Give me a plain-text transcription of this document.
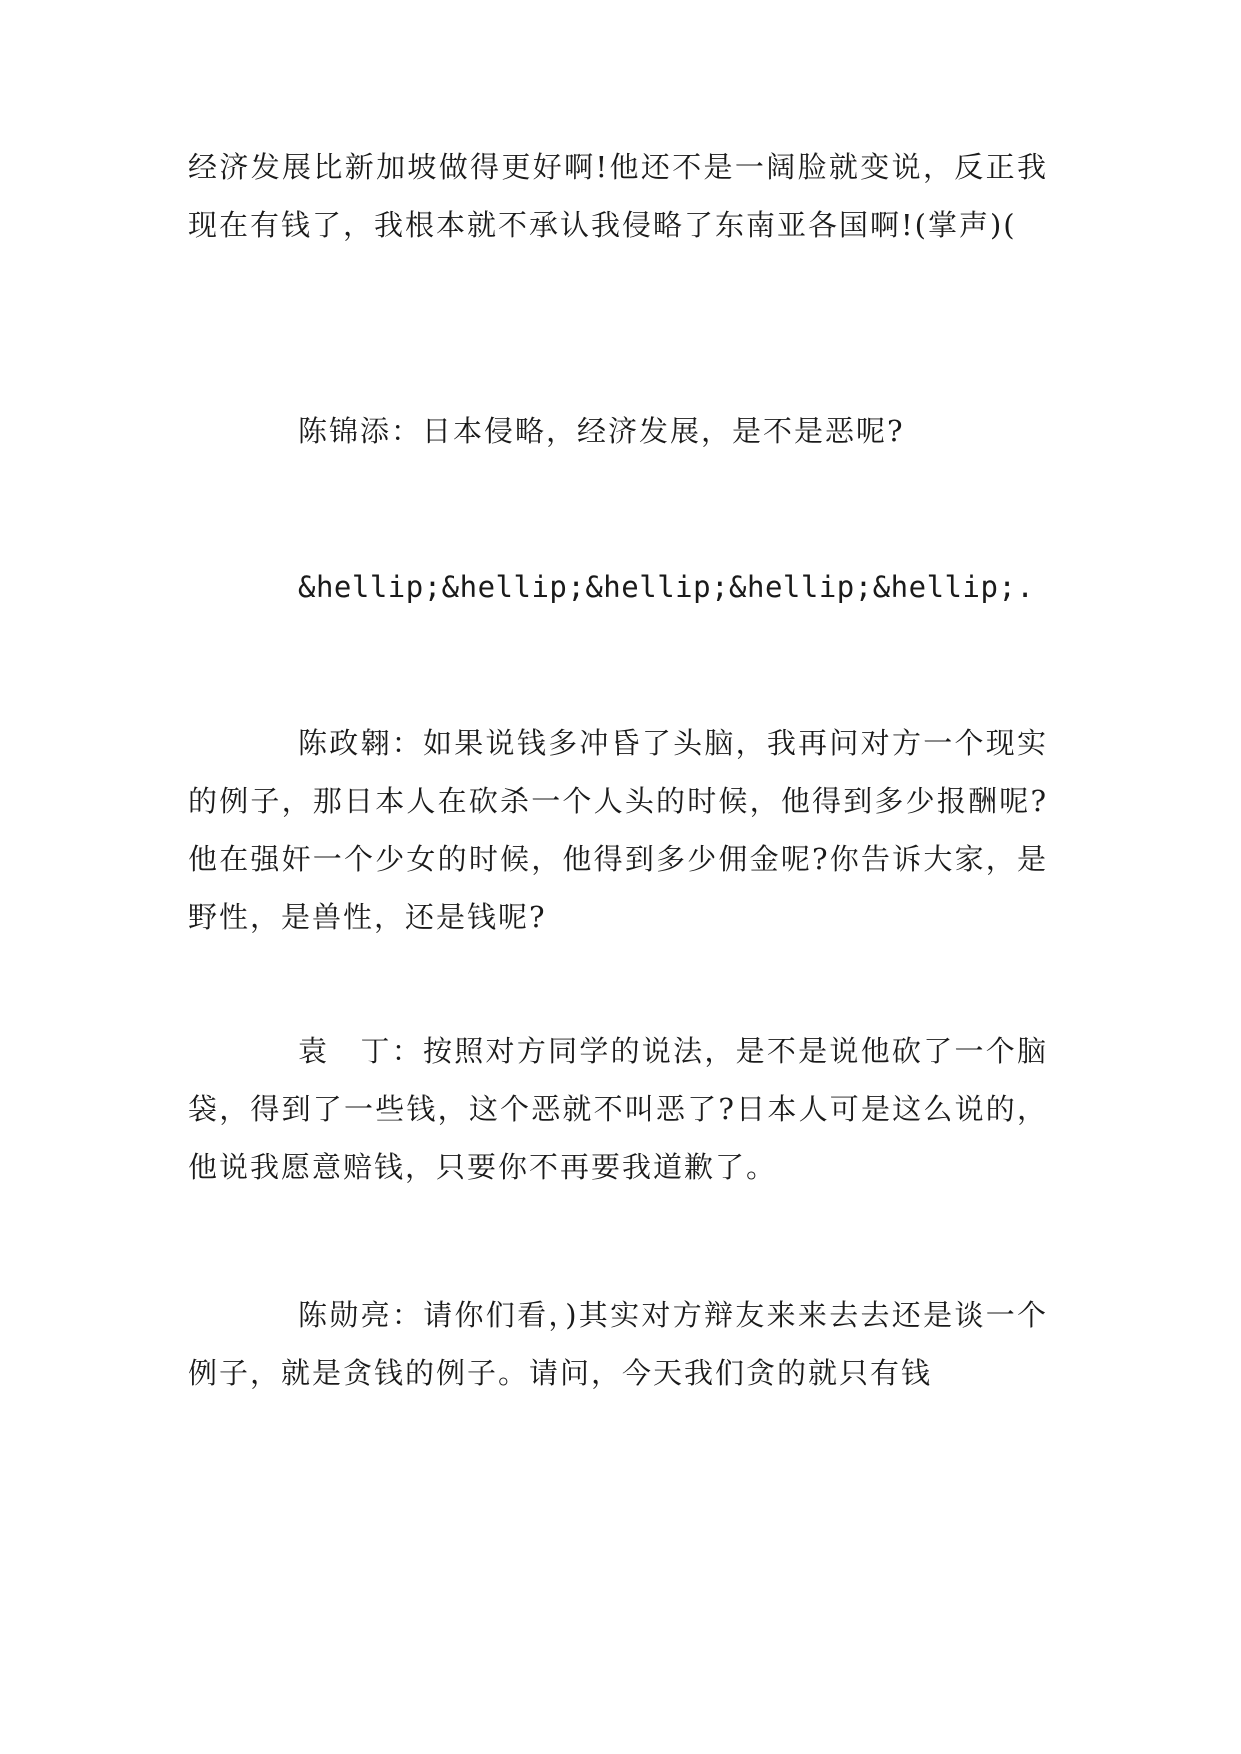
经济发展比新加坡做得更好啊!他还不是一阔脸就变说，反正我现在有钱了，我根本就不承认我侵略了东南亚各国啊!(掌声)(

陈锦添：日本侵略，经济发展，是不是恶呢?

&hellip;&hellip;&hellip;&hellip;&hellip;.

陈政翱：如果说钱多冲昏了头脑，我再问对方一个现实的例子，那日本人在砍杀一个人头的时候，他得到多少报酬呢?他在强奸一个少女的时候，他得到多少佣金呢?你告诉大家，是野性，是兽性，还是钱呢?

袁　丁：按照对方同学的说法，是不是说他砍了一个脑袋，得到了一些钱，这个恶就不叫恶了?日本人可是这么说的，他说我愿意赔钱，只要你不再要我道歉了。

陈勋亮：请你们看，)其实对方辩友来来去去还是谈一个例子，就是贪钱的例子。请问，今天我们贪的就只有钱
